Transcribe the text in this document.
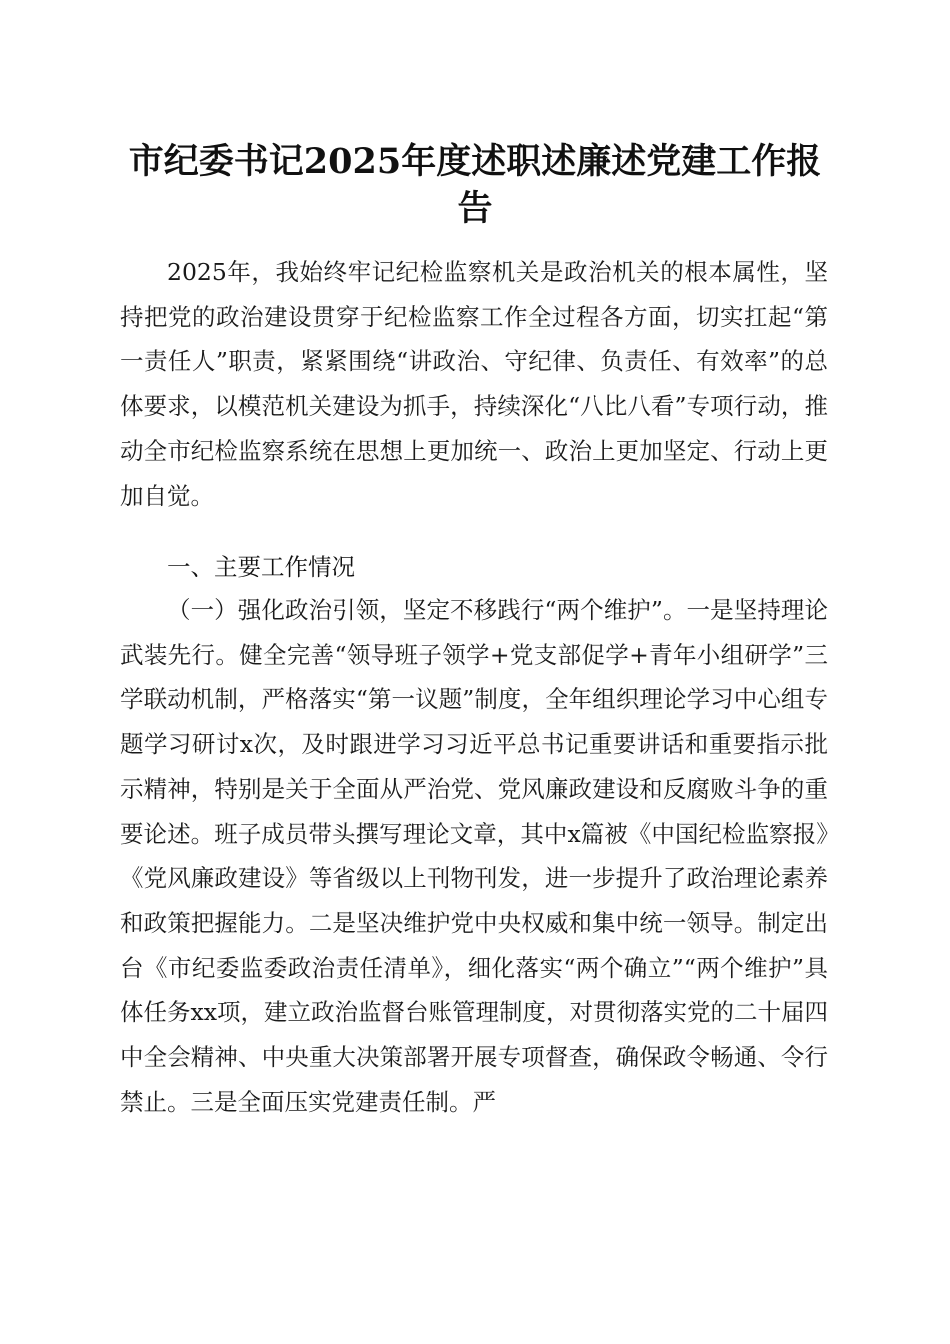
市纪委书记2025年度述职述廉述党建工作报告

2025年，我始终牢记纪检监察机关是政治机关的根本属性，坚持把党的政治建设贯穿于纪检监察工作全过程各方面，切实扛起“第一责任人”职责，紧紧围绕“讲政治、守纪律、负责任、有效率”的总体要求，以模范机关建设为抓手，持续深化“八比八看”专项行动，推动全市纪检监察系统在思想上更加统一、政治上更加坚定、行动上更加自觉。

一、主要工作情况

（一）强化政治引领，坚定不移践行“两个维护”。一是坚持理论武装先行。健全完善“领导班子领学+党支部促学+青年小组研学”三学联动机制，严格落实“第一议题”制度，全年组织理论学习中心组专题学习研讨x次，及时跟进学习习近平总书记重要讲话和重要指示批示精神，特别是关于全面从严治党、党风廉政建设和反腐败斗争的重要论述。班子成员带头撰写理论文章，其中x篇被《中国纪检监察报》《党风廉政建设》等省级以上刊物刊发，进一步提升了政治理论素养和政策把握能力。二是坚决维护党中央权威和集中统一领导。制定出台《市纪委监委政治责任清单》，细化落实“两个确立”“两个维护”具体任务xx项，建立政治监督台账管理制度，对贯彻落实党的二十届四中全会精神、中央重大决策部署开展专项督查，确保政令畅通、令行禁止。三是全面压实党建责任制。严
